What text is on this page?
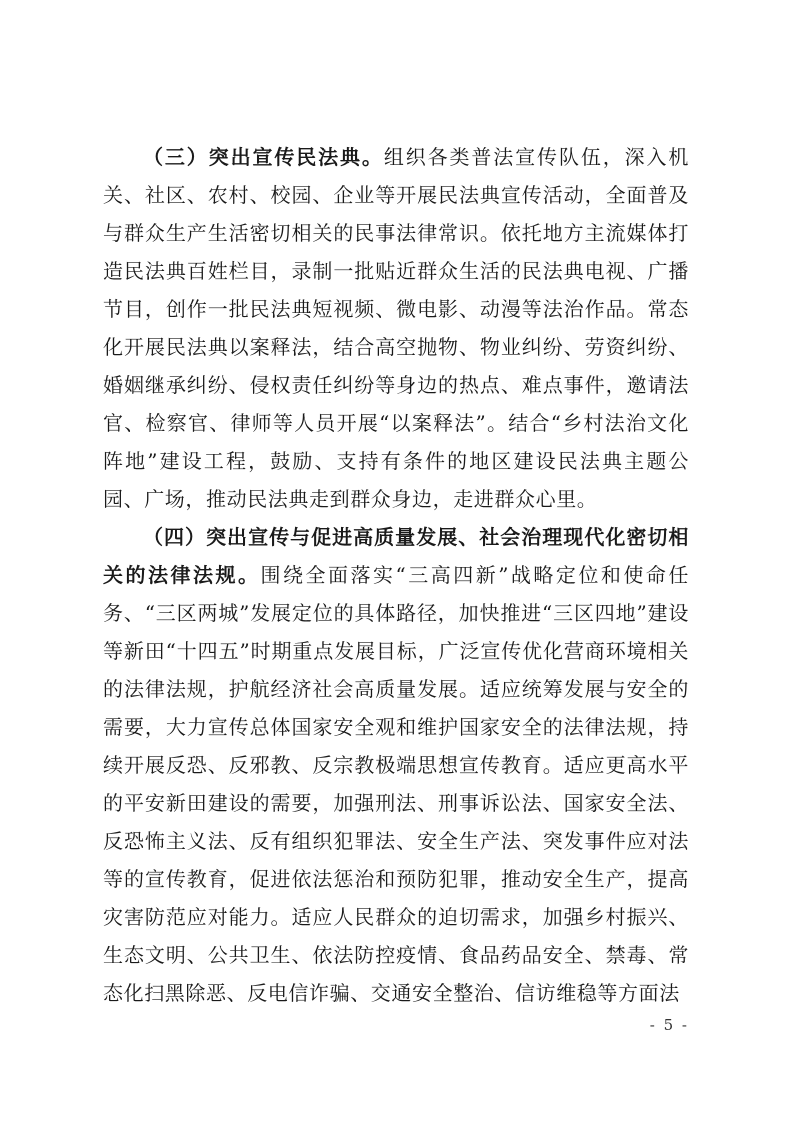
（三）突出宣传民法典。组织各类普法宣传队伍，深入机关、社区、农村、校园、企业等开展民法典宣传活动，全面普及与群众生产生活密切相关的民事法律常识。依托地方主流媒体打造民法典百姓栏目，录制一批贴近群众生活的民法典电视、广播节目，创作一批民法典短视频、微电影、动漫等法治作品。常态化开展民法典以案释法，结合高空抛物、物业纠纷、劳资纠纷、婚姻继承纠纷、侵权责任纠纷等身边的热点、难点事件，邀请法官、检察官、律师等人员开展“以案释法”。结合“乡村法治文化阵地”建设工程，鼓励、支持有条件的地区建设民法典主题公园、广场，推动民法典走到群众身边，走进群众心里。

（四）突出宣传与促进高质量发展、社会治理现代化密切相关的法律法规。围绕全面落实“三高四新”战略定位和使命任务、“三区两城”发展定位的具体路径，加快推进“三区四地”建设等新田“十四五”时期重点发展目标，广泛宣传优化营商环境相关的法律法规，护航经济社会高质量发展。适应统筹发展与安全的需要，大力宣传总体国家安全观和维护国家安全的法律法规，持续开展反恐、反邪教、反宗教极端思想宣传教育。适应更高水平的平安新田建设的需要，加强刑法、刑事诉讼法、国家安全法、反恐怖主义法、反有组织犯罪法、安全生产法、突发事件应对法等的宣传教育，促进依法惩治和预防犯罪，推动安全生产，提高灾害防范应对能力。适应人民群众的迫切需求，加强乡村振兴、生态文明、公共卫生、依法防控疫情、食品药品安全、禁毒、常态化扫黑除恶、反电信诈骗、交通安全整治、信访维稳等方面法

- 5 -
